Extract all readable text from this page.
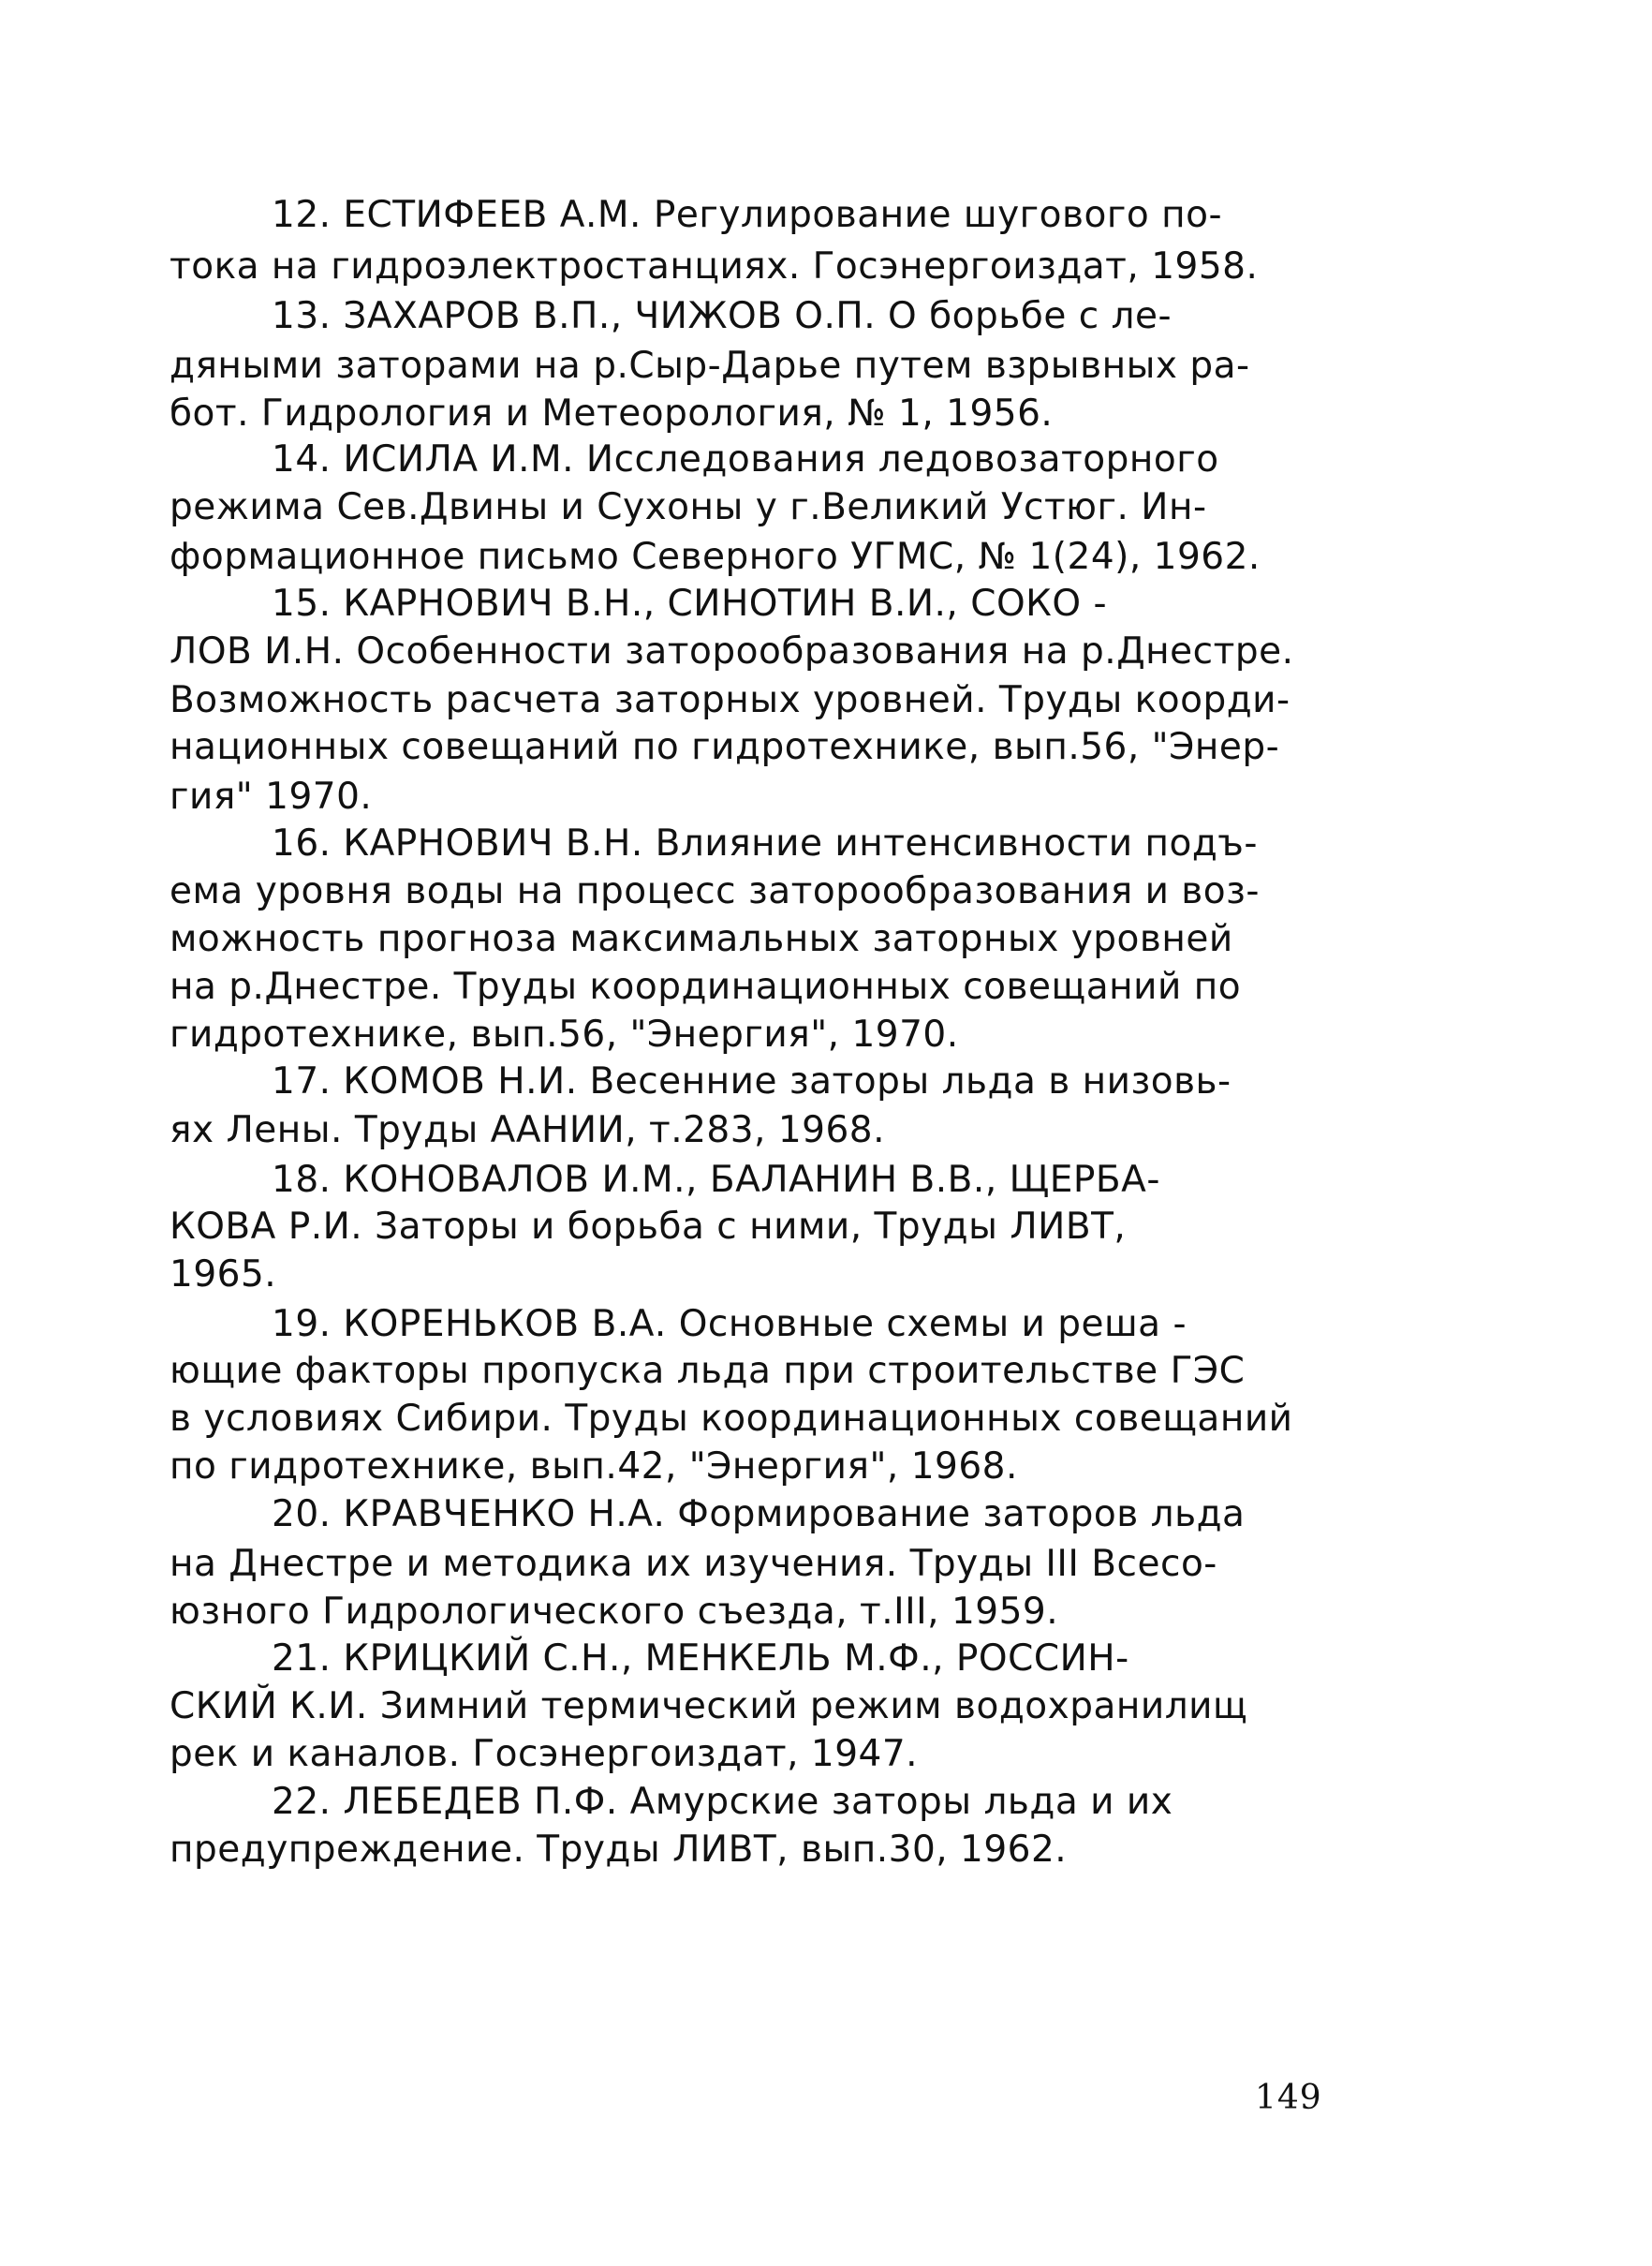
12. ЕСТИФЕЕВ А.М. Регулирование шугового по-
тока на гидроэлектростанциях. Госэнергоиздат, 1958.
13. ЗАХАРОВ В.П., ЧИЖОВ О.П. О борьбе с ле-
дяными заторами на р.Сыр-Дарье путем взрывных ра-
бот. Гидрология и Метеорология, № 1, 1956.
14. ИСИЛА И.М. Исследования ледовозаторного
режима Сев.Двины и Сухоны у г.Великий Устюг. Ин-
формационное письмо Северного УГМС, № 1(24), 1962.
15. КАРНОВИЧ В.Н., СИНОТИН В.И., СОКО -
ЛОВ И.Н. Особенности заторообразования на р.Днестре.
Возможность расчета заторных уровней. Труды коорди-
национных совещаний по гидротехнике, вып.56, "Энер-
гия" 1970.
16. КАРНОВИЧ В.Н. Влияние интенсивности подъ-
ема уровня воды на процесс заторообразования и воз-
можность прогноза максимальных заторных уровней
на р.Днестре. Труды координационных совещаний по
гидротехнике, вып.56, "Энергия", 1970.
17. КОМОВ Н.И. Весенние заторы льда в низовь-
ях Лены. Труды ААНИИ, т.283, 1968.
18. КОНОВАЛОВ И.М., БАЛАНИН В.В., ЩЕРБА-
КОВА Р.И. Заторы и борьба с ними, Труды ЛИВТ,
1965.
19. КОРЕНЬКОВ В.А. Основные схемы и реша -
ющие факторы пропуска льда при строительстве ГЭС
в условиях Сибири. Труды координационных совещаний
по гидротехнике, вып.42, "Энергия", 1968.
20. КРАВЧЕНКО Н.А. Формирование заторов льда
на Днестре и методика их изучения. Труды III Всесо-
юзного Гидрологического съезда, т.III, 1959.
21. КРИЦКИЙ С.Н., МЕНКЕЛЬ М.Ф., РОССИН-
СКИЙ К.И. Зимний термический режим водохранилищ
рек и каналов. Госэнергоиздат, 1947.
22. ЛЕБЕДЕВ П.Ф. Амурские заторы льда и их
предупреждение. Труды ЛИВТ, вып.30, 1962.
149
